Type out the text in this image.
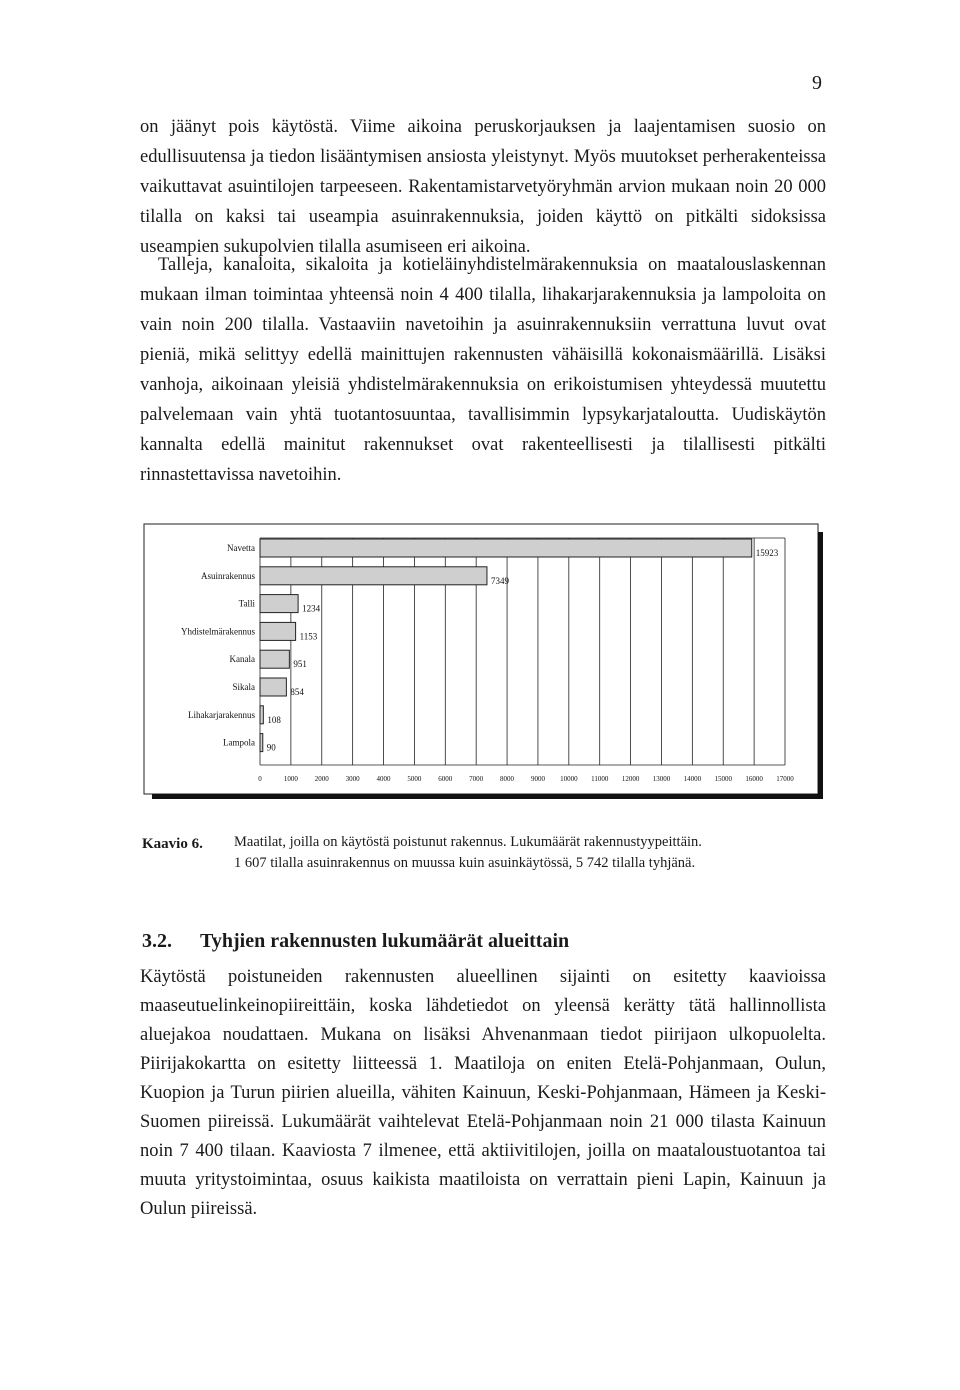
9

on jäänyt pois käytöstä. Viime aikoina peruskorjauksen ja laajentamisen suosio on edullisuutensa ja tiedon lisääntymisen ansiosta yleistynyt. Myös muutokset perherakenteissa vaikuttavat asuintilojen tarpeeseen. Rakentamistarvetyöryhmän arvion mukaan noin 20 000 tilalla on kaksi tai useampia asuinrakennuksia, joiden käyttö on pitkälti sidoksissa useampien sukupolvien tilalla asumiseen eri aikoina.

Talleja, kanaloita, sikaloita ja kotieläinyhdistelmärakennuksia on maatalouslaskennan mukaan ilman toimintaa yhteensä noin 4 400 tilalla, lihakarjarakennuksia ja lampoloita on vain noin 200 tilalla. Vastaaviin navetoihin ja asuinrakennuksiin verrattuna luvut ovat pieniä, mikä selittyy edellä mainittujen rakennusten vähäisillä kokonaismäärillä. Lisäksi vanhoja, aikoinaan yleisiä yhdistelmärakennuksia on erikoistumisen yhteydessä muutettu palvelemaan vain yhtä tuotantosuuntaa, tavallisimmin lypsykarjataloutta. Uudiskäytön kannalta edellä mainitut rakennukset ovat rakenteellisesti ja tilallisesti pitkälti rinnastettavissa navetoihin.

Navetta
Asuinrakennus
Talli
Yhdistelmärakennus
Kanala
Sikala
Lihakarjarakennus
Lampola
15923
7349
1234
1153
951
854
108
90
0	1000 2000 3000 4000 5000 6000 7000 8000 9000 10000 11000 12000 13000 14000 15000 16000 17000
Kaavio 6. Maatilat, joilla on käytöstä poistunut rakennus. Lukumäärät rakennustyypeittäin.
1 607 tilalla asuinrakennus on muussa kuin asuinkäytössä, 5 742 tilalla tyhjänä.
3.2. Tyhjien rakennusten lukumäärät alueittain

Käytöstä poistuneiden rakennusten alueellinen sijainti on esitetty kaavioissa maaseutuelinkeinopiireittäin, koska lähdetiedot on yleensä kerätty tätä hallinnollista aluejakoa noudattaen. Mukana on lisäksi Ahvenanmaan tiedot piirijaon ulkopuolelta. Piirijakokartta on esitetty liitteessä 1. Maatiloja on eniten Etelä-Pohjanmaan, Oulun, Kuopion ja Turun piirien alueilla, vähiten Kainuun, Keski-Pohjanmaan, Hämeen ja Keski-Suomen piireissä. Lukumäärät vaihtelevat Etelä-Pohjanmaan noin 21 000 tilasta Kainuun noin 7 400 tilaan. Kaaviosta 7 ilmenee, että aktiivitilojen, joilla on maataloustuotantoa tai muuta yritystoimintaa, osuus kaikista maatiloista on verrattain pieni Lapin, Kainuun ja Oulun piireissä.
